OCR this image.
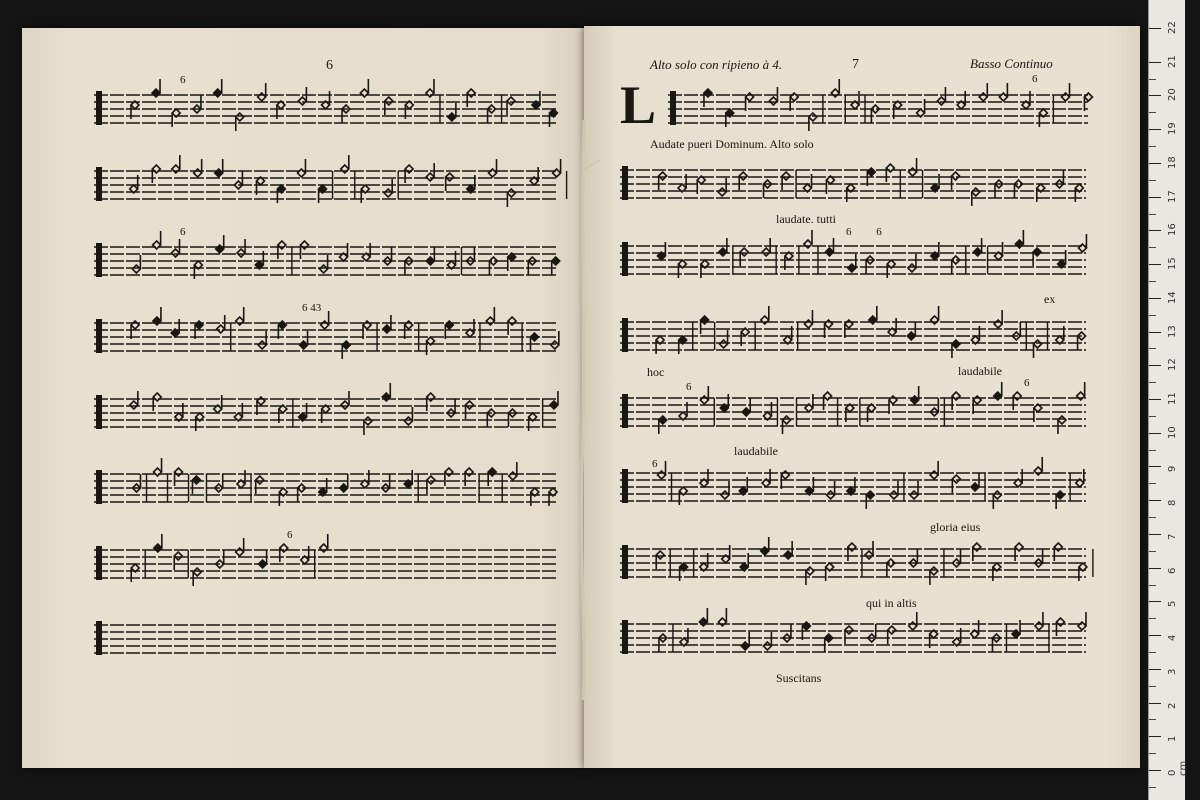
6
6
6
6 43
6
Alto solo con ripieno à 4.	7	Basso Continuo
L	6
6 6
6	6
6
Audate pueri Dominum. Alto solo
laudate. tutti
ex
hoc	laudabile
laudabile
gloria eius
qui in altis
Suscitans
0 cm
1
2
3
4
5
6
7
8
9
10
11
12
13
14
15
16
17
18
19
20
21
22
